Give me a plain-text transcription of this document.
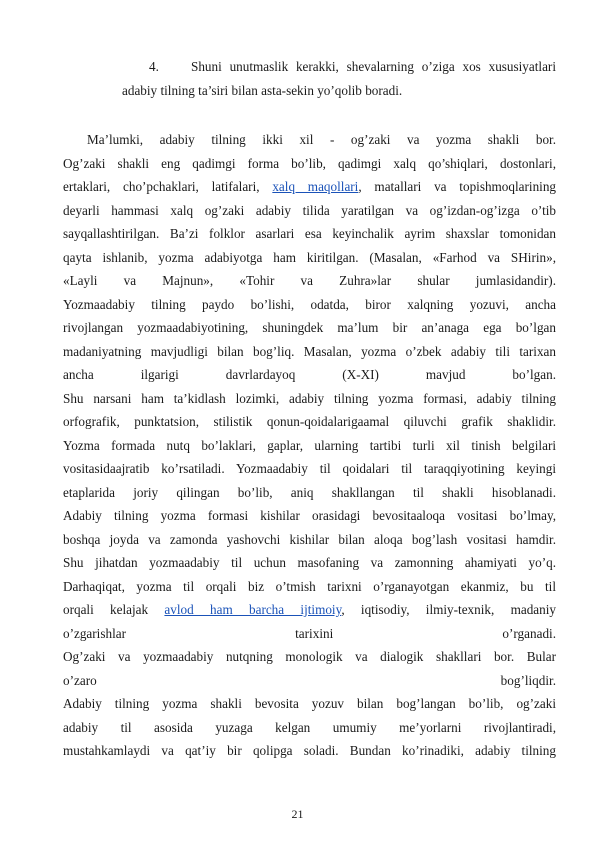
4.	Shuni unutmaslik kerakki, shevalarning o’ziga xos xususiyatlari
adabiy tilning ta’siri bilan asta-sekin yo’qolib boradi.
Ma’lumki, adabiy tilning ikki xil - og’zaki va yozma shakli bor.
Og’zaki shakli eng qadimgi forma bo’lib, qadimgi xalq qo’shiqlari, dostonlari,
ertaklari, cho’pchaklari, latifalari, xalq maqollari, matallari va topishmoqlarining
deyarli hammasi xalq og’zaki adabiy tilida yaratilgan va og’izdan-og’izga o’tib
sayqallashtirilgan. Ba’zi folklor asarlari esa keyinchalik ayrim shaxslar tomonidan
qayta ishlanib, yozma adabiyotga ham kiritilgan. (Masalan, «Farhod va SHirin»,
«Layli va Majnun», «Tohir va Zuhra»lar shular jumlasidandir).
Yozmaadabiy tilning paydo bo’lishi, odatda, biror xalqning yozuvi, ancha
rivojlangan yozmaadabiyotining, shuningdek ma’lum bir an’anaga ega bo’lgan
madaniyatning mavjudligi bilan bog’liq. Masalan, yozma o’zbek adabiy tili tarixan
ancha ilgarigi davrlardayoq (X-XI) mavjud bo’lgan.
Shu narsani ham ta’kidlash lozimki, adabiy tilning yozma formasi, adabiy tilning
orfografik, punktatsion, stilistik qonun-qoidalarigaamal qiluvchi grafik shaklidir.
Yozma formada nutq bo’laklari, gaplar, ularning tartibi turli xil tinish belgilari
vositasidaajratib ko’rsatiladi. Yozmaadabiy til qoidalari til taraqqiyotining keyingi
etaplarida joriy qilingan bo’lib, aniq shakllangan til shakli hisoblanadi.
Adabiy tilning yozma formasi kishilar orasidagi bevositaaloqa vositasi bo’lmay,
boshqa joyda va zamonda yashovchi kishilar bilan aloqa bog’lash vositasi hamdir.
Shu jihatdan yozmaadabiy til uchun masofaning va zamonning ahamiyati yo’q.
Darhaqiqat, yozma til orqali biz o’tmish tarixni o’rganayotgan ekanmiz, bu til
orqali kelajak avlod ham barcha ijtimoiy, iqtisodiy, ilmiy-texnik, madaniy
o’zgarishlar tarixini o’rganadi.
Og’zaki va yozmaadabiy nutqning monologik va dialogik shakllari bor. Bular
o’zaro bog’liqdir.
Adabiy tilning yozma shakli bevosita yozuv bilan bog’langan bo’lib, og’zaki
adabiy til asosida yuzaga kelgan umumiy me’yorlarni rivojlantiradi,
mustahkamlaydi va qat’iy bir qolipga soladi. Bundan ko’rinadiki, adabiy tilning
21
